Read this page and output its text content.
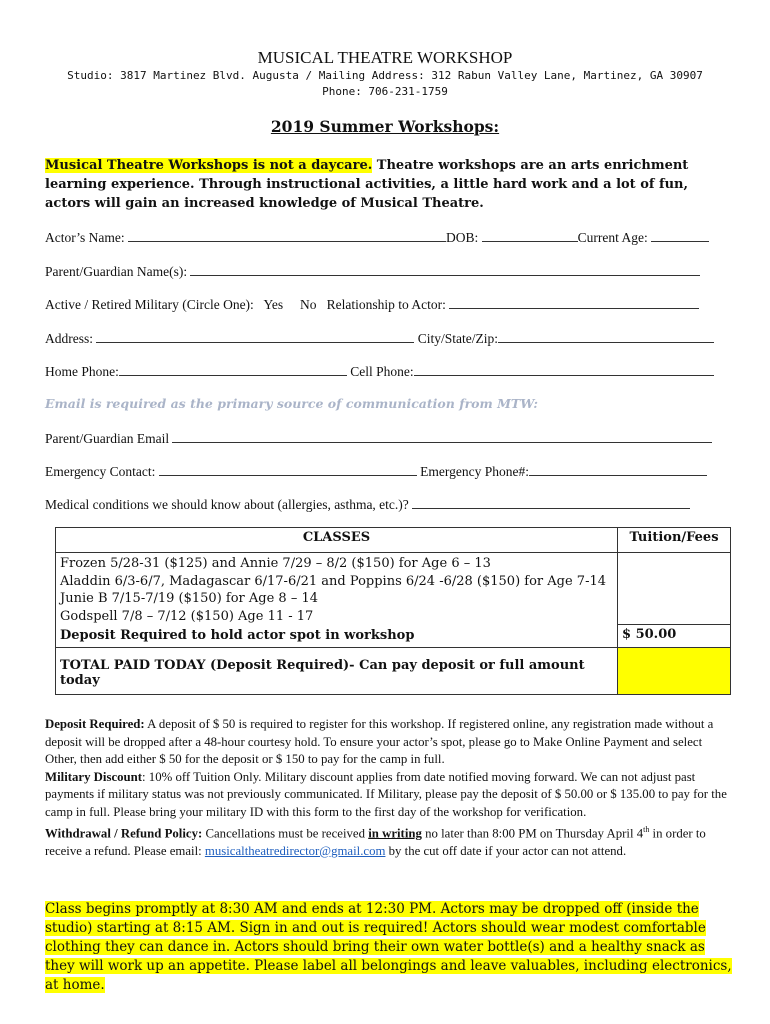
MUSICAL THEATRE WORKSHOP
Studio: 3817 Martinez Blvd. Augusta / Mailing Address: 312 Rabun Valley Lane, Martinez, GA 30907
Phone: 706-231-1759
2019 Summer Workshops:
Musical Theatre Workshops is not a daycare. Theatre workshops are an arts enrichment learning experience. Through instructional activities, a little hard work and a lot of fun, actors will gain an increased knowledge of Musical Theatre.
Actor’s Name:	DOB:	Current Age:
Parent/Guardian Name(s):
Active / Retired Military (Circle One): Yes No Relationship to Actor:
Address:	City/State/Zip:
Home Phone:	Cell Phone:
Email is required as the primary source of communication from MTW:
Parent/Guardian Email
Emergency Contact:	Emergency Phone#:
Medical conditions we should know about (allergies, asthma, etc.)?
CLASSES	Tuition/Fees

Frozen 5/28-31 ($125) and Annie 7/29 – 8/2 ($150) for Age 6 – 13
Aladdin 6/3-6/7, Madagascar 6/17-6/21 and Poppins 6/24 -6/28 ($150) for Age 7-14
Junie B 7/15-7/19 ($150) for Age 8 – 14
Godspell 7/8 – 7/12 ($150) Age 11 - 17
Deposit Required to hold actor spot in workshop	$ 50.00

TOTAL PAID TODAY (Deposit Required)- Can pay deposit or full amount today	

Deposit Required: A deposit of $ 50 is required to register for this workshop. If registered online, any registration made without a deposit will be dropped after a 48-hour courtesy hold. To ensure your actor’s spot, please go to Make Online Payment and select Other, then add either $ 50 for the deposit or $ 150 to pay for the camp in full.

Military Discount: 10% off Tuition Only. Military discount applies from date notified moving forward. We can not adjust past payments if military status was not previously communicated. If Military, please pay the deposit of $ 50.00 or $ 135.00 to pay for the camp in full. Please bring your military ID with this form to the first day of the workshop for verification.

Withdrawal / Refund Policy: Cancellations must be received in writing no later than 8:00 PM on Thursday April 4th in order to receive a refund. Please email: musicaltheatredirector@gmail.com by the cut off date if your actor can not attend.

Class begins promptly at 8:30 AM and ends at 12:30 PM. Actors may be dropped off (inside the studio) starting at 8:15 AM. Sign in and out is required! Actors should wear modest comfortable clothing they can dance in. Actors should bring their own water bottle(s) and a healthy snack as they will work up an appetite. Please label all belongings and leave valuables, including electronics, at home.
